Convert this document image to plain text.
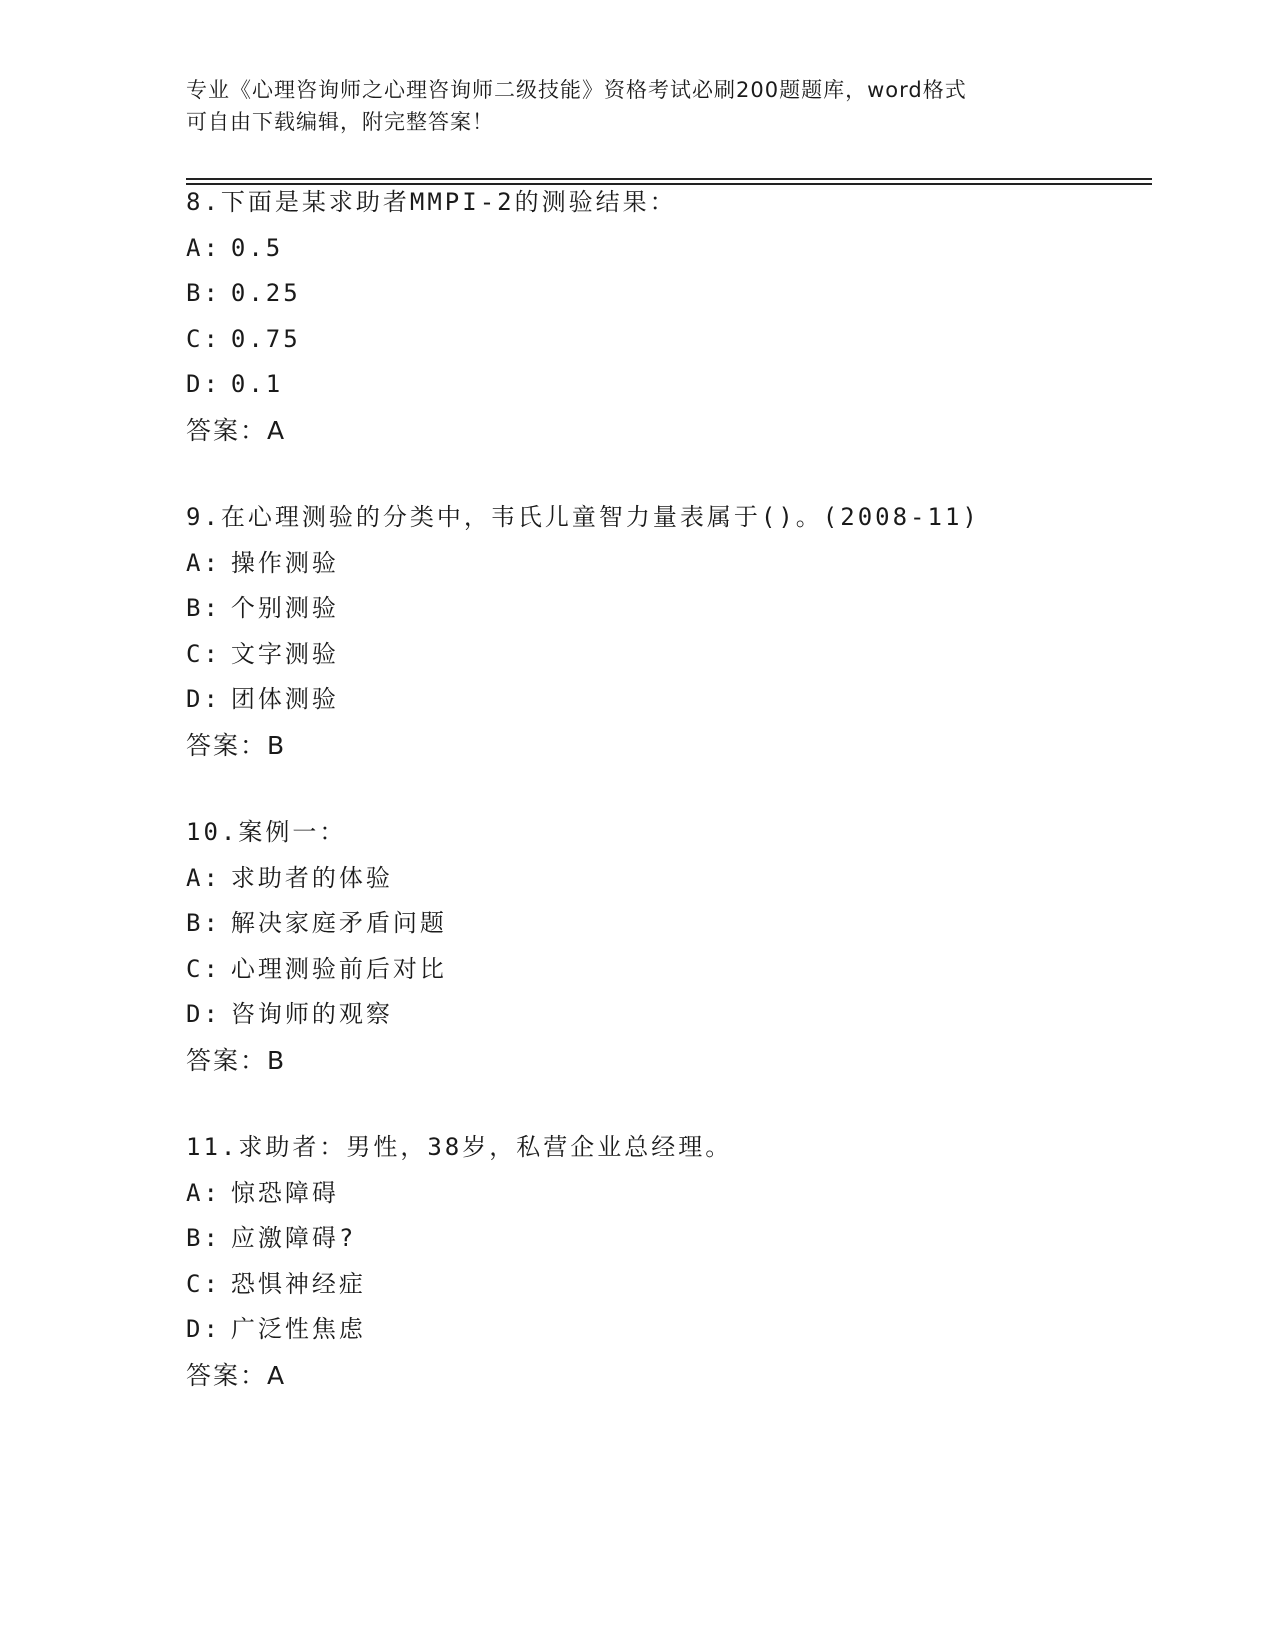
专业《心理咨询师之心理咨询师二级技能》资格考试必刷200题题库，word格式
可自由下载编辑，附完整答案！
8.下面是某求助者MMPI-2的测验结果：
A: 0.5
B: 0.25
C: 0.75
D: 0.1
答案：A
9.在心理测验的分类中，韦氏儿童智力量表属于()。(2008-11)
A: 操作测验
B: 个别测验
C: 文字测验
D: 团体测验
答案：B
10.案例一：
A: 求助者的体验
B: 解决家庭矛盾问题
C: 心理测验前后对比
D: 咨询师的观察
答案：B
11.求助者：男性，38岁，私营企业总经理。
A: 惊恐障碍
B: 应激障碍?
C: 恐惧神经症
D: 广泛性焦虑
答案：A
